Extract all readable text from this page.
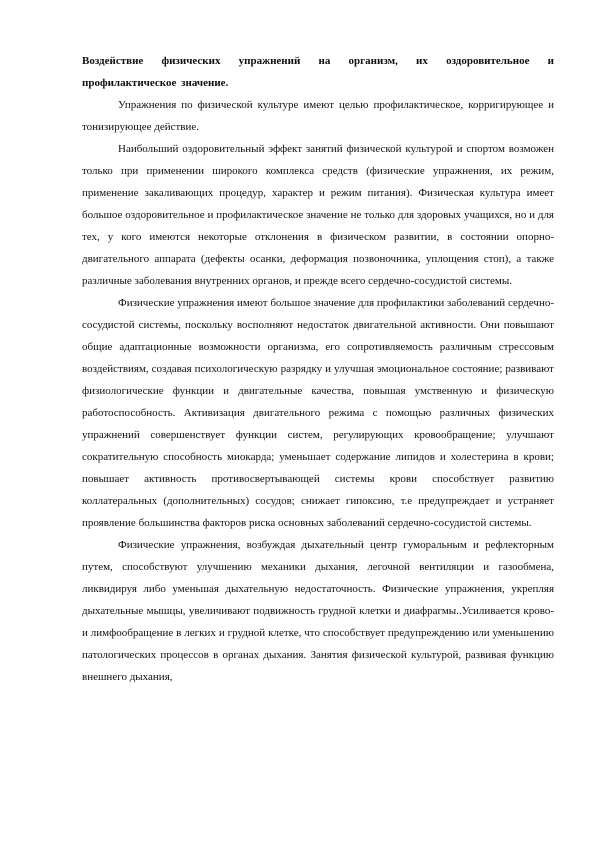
Воздействие физических упражнений на организм, их оздоровительное и профилактическое значение.

Упражнения по физической культуре имеют целью профилактическое, корригирующее и тонизирующее действие.

Наибольший оздоровительный эффект занятий физической культурой и спортом возможен только при применении широкого комплекса средств (физические упражнения, их режим, применение закаливающих процедур, характер и режим питания). Физическая культура имеет большое оздоровительное и профилактическое значение не только для здоровых учащихся, но и для тех, у кого имеются некоторые отклонения в физическом развитии, в состоянии опорно-двигательного аппарата (дефекты осанки, деформация позвоночника, уплощения стоп), а также различные заболевания внутренних органов, и прежде всего сердечно-сосудистой системы.

Физические упражнения имеют большое значение для профилактики заболеваний сердечно-сосудистой системы, поскольку восполняют недостаток двигательной активности. Они повышают общие адаптационные возможности организма, его сопротивляемость различным стрессовым воздействиям, создавая психологическую разрядку и улучшая эмоциональное состояние; развивают физиологические функции и двигательные качества, повышая умственную и физическую работоспособность. Активизация двигательного режима с помощью различных физических упражнений совершенствует функции систем, регулирующих кровообращение; улучшают сократительную способность миокарда; уменьшает содержание липидов и холестерина в крови; повышает активность противосвертывающей системы крови способствует развитию коллатеральных (дополнительных) сосудов; снижает гипоксию, т.е предупреждает и устраняет проявление большинства факторов риска основных заболеваний сердечно-сосудистой системы.

Физические упражнения, возбуждая дыхательный центр гуморальным и рефлекторным путем, способствуют улучшению механики дыхания, легочной вентиляции и газообмена, ликвидируя либо уменьшая дыхательную недостаточность. Физические упражнения, укрепляя дыхательные мышцы, увеличивают подвижность грудной клетки и диафрагмы..Усиливается крово- и лимфообращение в легких и грудной клетке, что способствует предупреждению или уменьшению патологических процессов в органах дыхания. Занятия физической культурой, развивая функцию внешнего дыхания,
